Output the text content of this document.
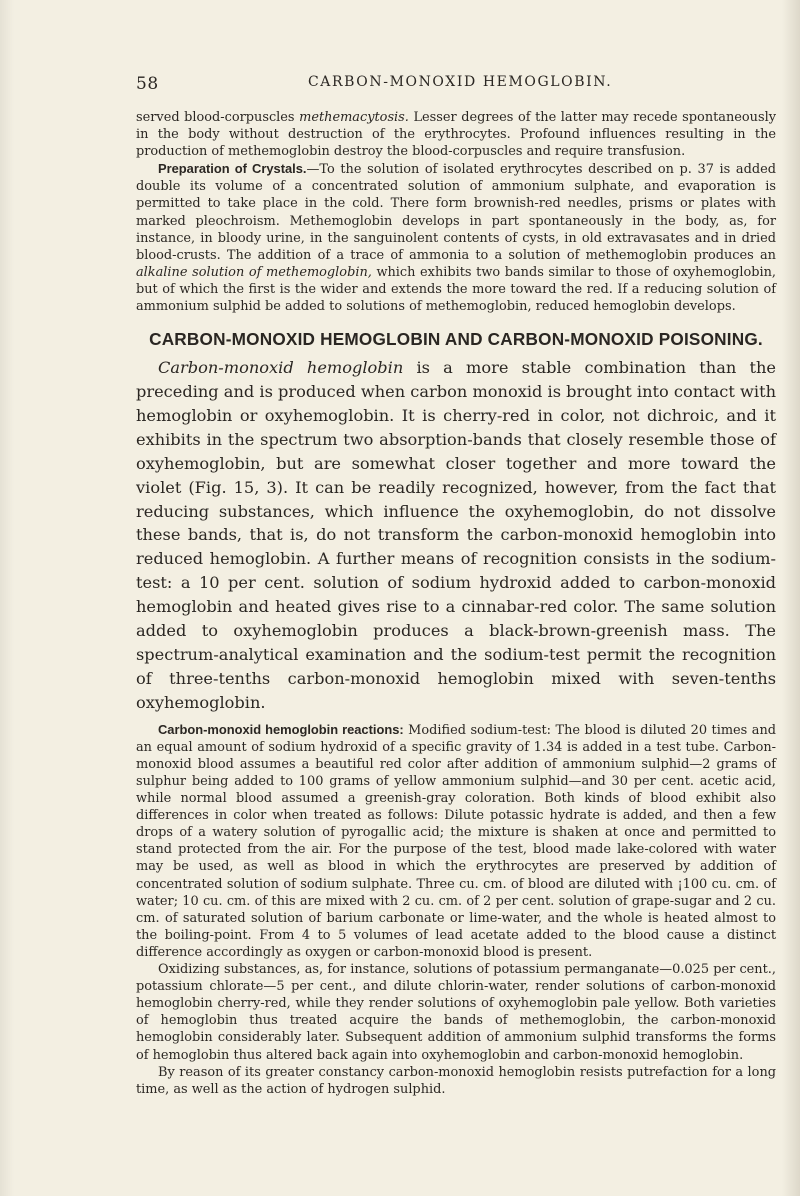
58	CARBON-MONOXID HEMOGLOBIN.

served blood-corpuscles methemacytosis. Lesser degrees of the latter may recede spontaneously in the body without destruction of the erythrocytes. Profound influences resulting in the production of methemoglobin destroy the blood-corpuscles and require transfusion.

Preparation of Crystals.—To the solution of isolated erythrocytes described on p. 37 is added double its volume of a concentrated solution of ammonium sulphate, and evaporation is permitted to take place in the cold. There form brownish-red needles, prisms or plates with marked pleochroism. Methemoglobin develops in part spontaneously in the body, as, for instance, in bloody urine, in the sanguinolent contents of cysts, in old extravasates and in dried blood-crusts. The addition of a trace of ammonia to a solution of methemoglobin produces an alkaline solution of methemoglobin, which exhibits two bands similar to those of oxyhemoglobin, but of which the first is the wider and extends the more toward the red. If a reducing solution of ammonium sulphid be added to solutions of methemoglobin, reduced hemoglobin develops.

CARBON-MONOXID HEMOGLOBIN AND CARBON-MONOXID POISONING.

Carbon-monoxid hemoglobin is a more stable combination than the preceding and is produced when carbon monoxid is brought into contact with hemoglobin or oxyhemoglobin. It is cherry-red in color, not dichroic, and it exhibits in the spectrum two absorption-bands that closely resemble those of oxyhemoglobin, but are somewhat closer together and more toward the violet (Fig. 15, 3). It can be readily recognized, however, from the fact that reducing substances, which influence the oxyhemoglobin, do not dissolve these bands, that is, do not transform the carbon-monoxid hemoglobin into reduced hemoglobin. A further means of recognition consists in the sodium-test: a 10 per cent. solution of sodium hydroxid added to carbon-monoxid hemoglobin and heated gives rise to a cinnabar-red color. The same solution added to oxyhemoglobin produces a black-brown-greenish mass. The spectrum-analytical examination and the sodium-test permit the recognition of three-tenths carbon-monoxid hemoglobin mixed with seven-tenths oxyhemoglobin.

Carbon-monoxid hemoglobin reactions: Modified sodium-test: The blood is diluted 20 times and an equal amount of sodium hydroxid of a specific gravity of 1.34 is added in a test tube. Carbon-monoxid blood assumes a beautiful red color after addition of ammonium sulphid—2 grams of sulphur being added to 100 grams of yellow ammonium sulphid—and 30 per cent. acetic acid, while normal blood assumed a greenish-gray coloration. Both kinds of blood exhibit also differences in color when treated as follows: Dilute potassic hydrate is added, and then a few drops of a watery solution of pyrogallic acid; the mixture is shaken at once and permitted to stand protected from the air. For the purpose of the test, blood made lake-colored with water may be used, as well as blood in which the erythrocytes are preserved by addition of concentrated solution of sodium sulphate. Three cu. cm. of blood are diluted with ¡100 cu. cm. of water; 10 cu. cm. of this are mixed with 2 cu. cm. of 2 per cent. solution of grape-sugar and 2 cu. cm. of saturated solution of barium carbonate or lime-water, and the whole is heated almost to the boiling-point. From 4 to 5 volumes of lead acetate added to the blood cause a distinct difference accordingly as oxygen or carbon-monoxid blood is present.

Oxidizing substances, as, for instance, solutions of potassium permanganate—0.025 per cent., potassium chlorate—5 per cent., and dilute chlorin-water, render solutions of carbon-monoxid hemoglobin cherry-red, while they render solutions of oxyhemoglobin pale yellow. Both varieties of hemoglobin thus treated acquire the bands of methemoglobin, the carbon-monoxid hemoglobin considerably later. Subsequent addition of ammonium sulphid transforms the forms of hemoglobin thus altered back again into oxyhemoglobin and carbon-monoxid hemoglobin.

By reason of its greater constancy carbon-monoxid hemoglobin resists putrefaction for a long time, as well as the action of hydrogen sulphid.
